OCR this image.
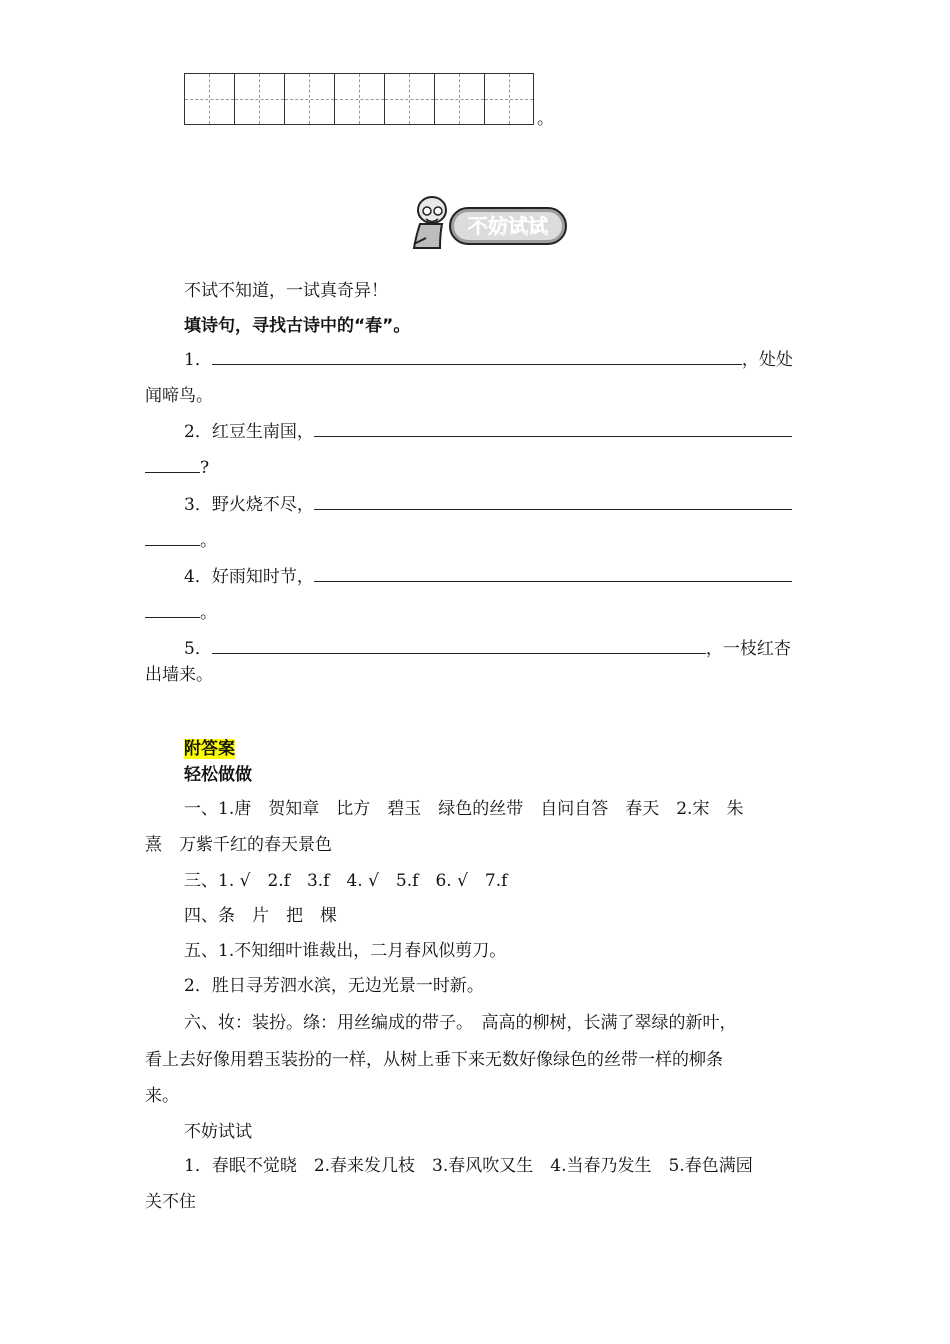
。
不妨试试
不试不知道，一试真奇异！
填诗句，寻找古诗中的“春”。
1．	，处处
闻啼鸟。
2．红豆生南国，
?
3．野火烧不尽，
。
4．好雨知时节，
。
5．	，一枝红杏
出墙来。
附答案
轻松做做
一、1.唐　贺知章　比方　碧玉　绿色的丝带　自问自答　春天　2.宋　朱
熹　万紫千红的春天景色
三、1. √　2.f　3.f　4. √　5.f　6. √　7.f
四、条　片　把　棵
五、1.不知细叶谁裁出，二月春风似剪刀。
2．胜日寻芳泗水滨，无边光景一时新。
六、妆：装扮。绦：用丝编成的带子。　高高的柳树，长满了翠绿的新叶，
看上去好像用碧玉装扮的一样，从树上垂下来无数好像绿色的丝带一样的柳条
来。
不妨试试
1．春眠不觉晓　2.春来发几枝　3.春风吹又生　4.当春乃发生　5.春色满园
关不住
